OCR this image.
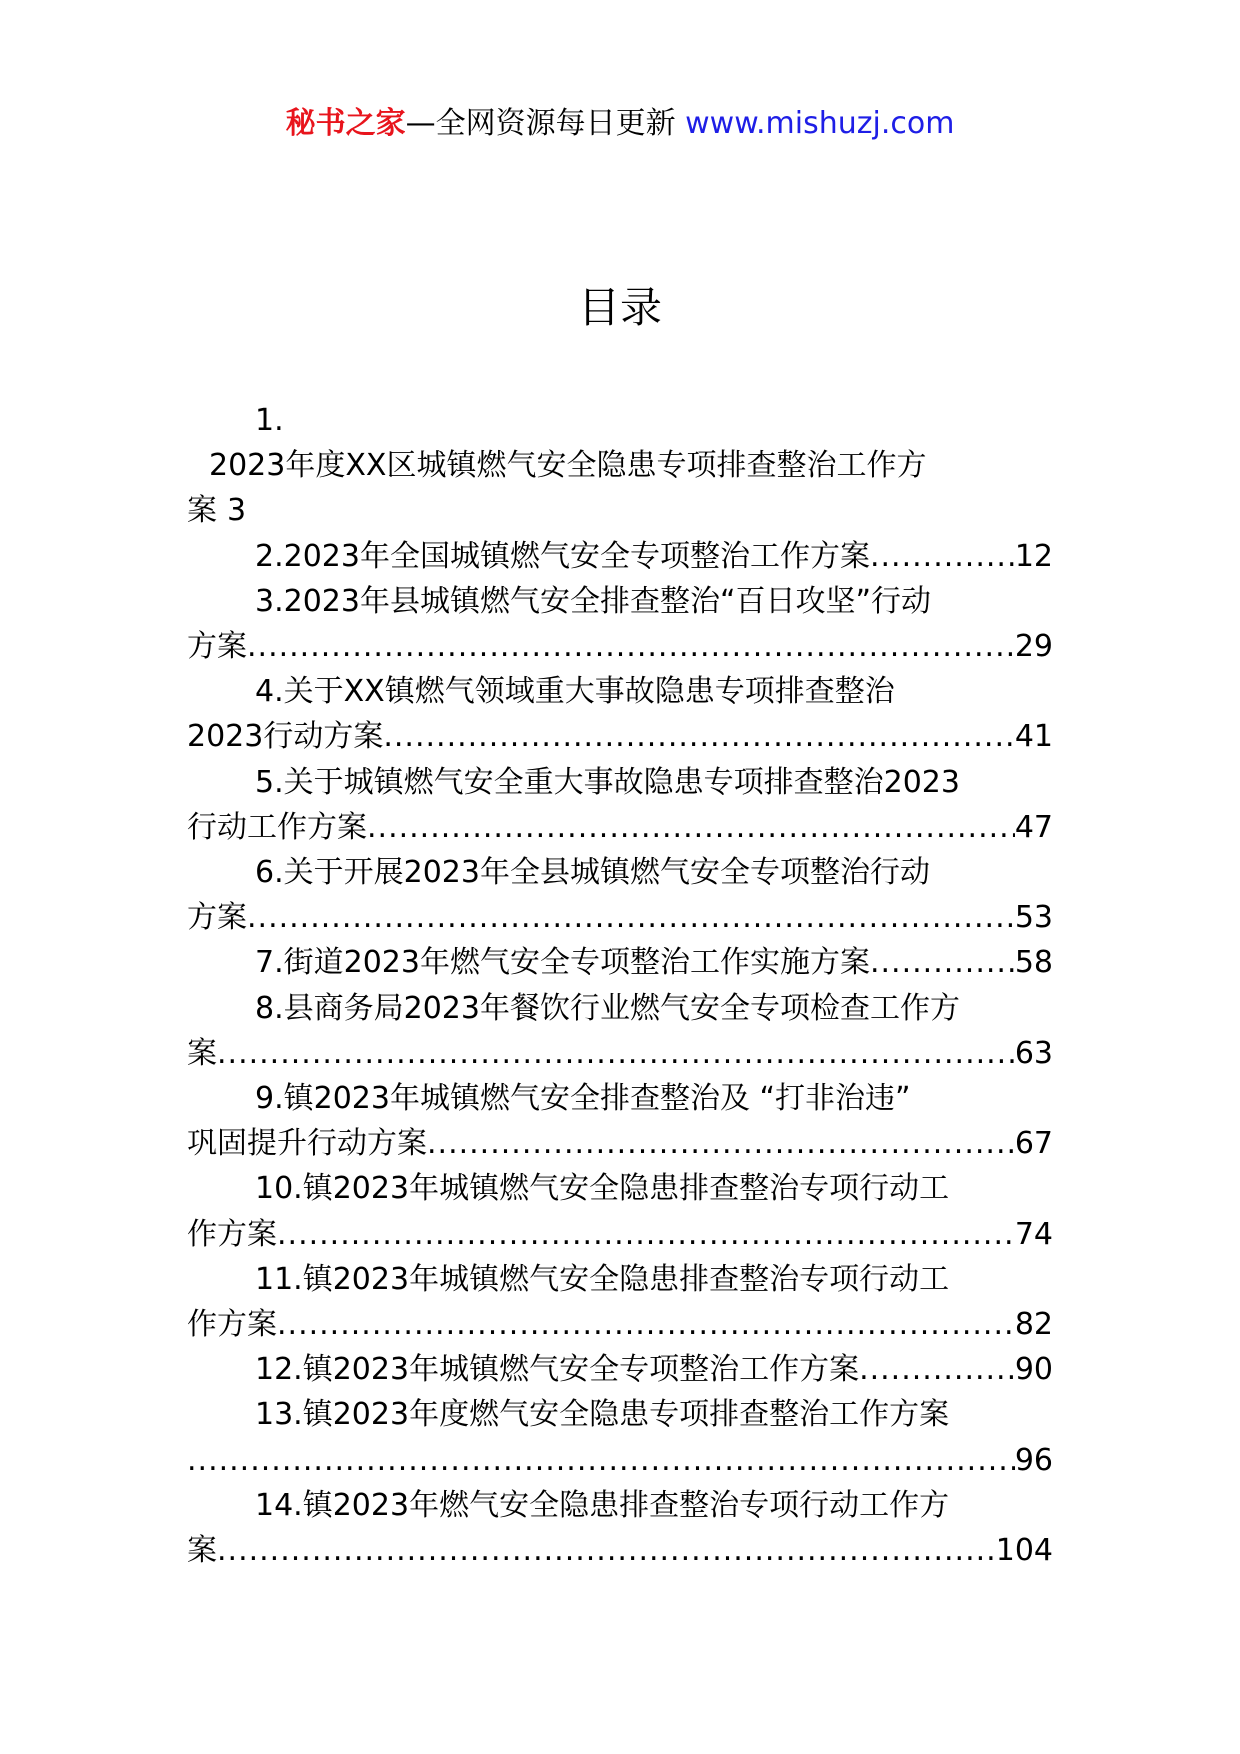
秘书之家—全网资源每日更新 www.mishuzj.com
目录
1.
2023年度XX区城镇燃气安全隐患专项排查整治工作方
案 3
2. 2023年全国城镇燃气安全专项整治工作方案 .....	12
3. 2023年县城镇燃气安全排查整治“百日攻坚”行动
方案 .....	29
4. 关于XX镇燃气领域重大事故隐患专项排查整治
2023行动方案 .....	41
5. 关于城镇燃气安全重大事故隐患专项排查整治2023
行动工作方案 .....	47
6. 关于开展2023年全县城镇燃气安全专项整治行动
方案 .....	53
7. 街道2023年燃气安全专项整治工作实施方案 .....	58
8. 县商务局2023年餐饮行业燃气安全专项检查工作方
案 .....	63
9. 镇2023年城镇燃气安全排查整治及 “打非治违”
巩固提升行动方案 .....	67
10. 镇2023年城镇燃气安全隐患排查整治专项行动工
作方案 .....	74
11. 镇2023年城镇燃气安全隐患排查整治专项行动工
作方案 .....	82
12. 镇2023年城镇燃气安全专项整治工作方案 .....	90
13. 镇2023年度燃气安全隐患专项排查整治工作方案
.....
96
14. 镇2023年燃气安全隐患排查整治专项行动工作方
案 .....	104
